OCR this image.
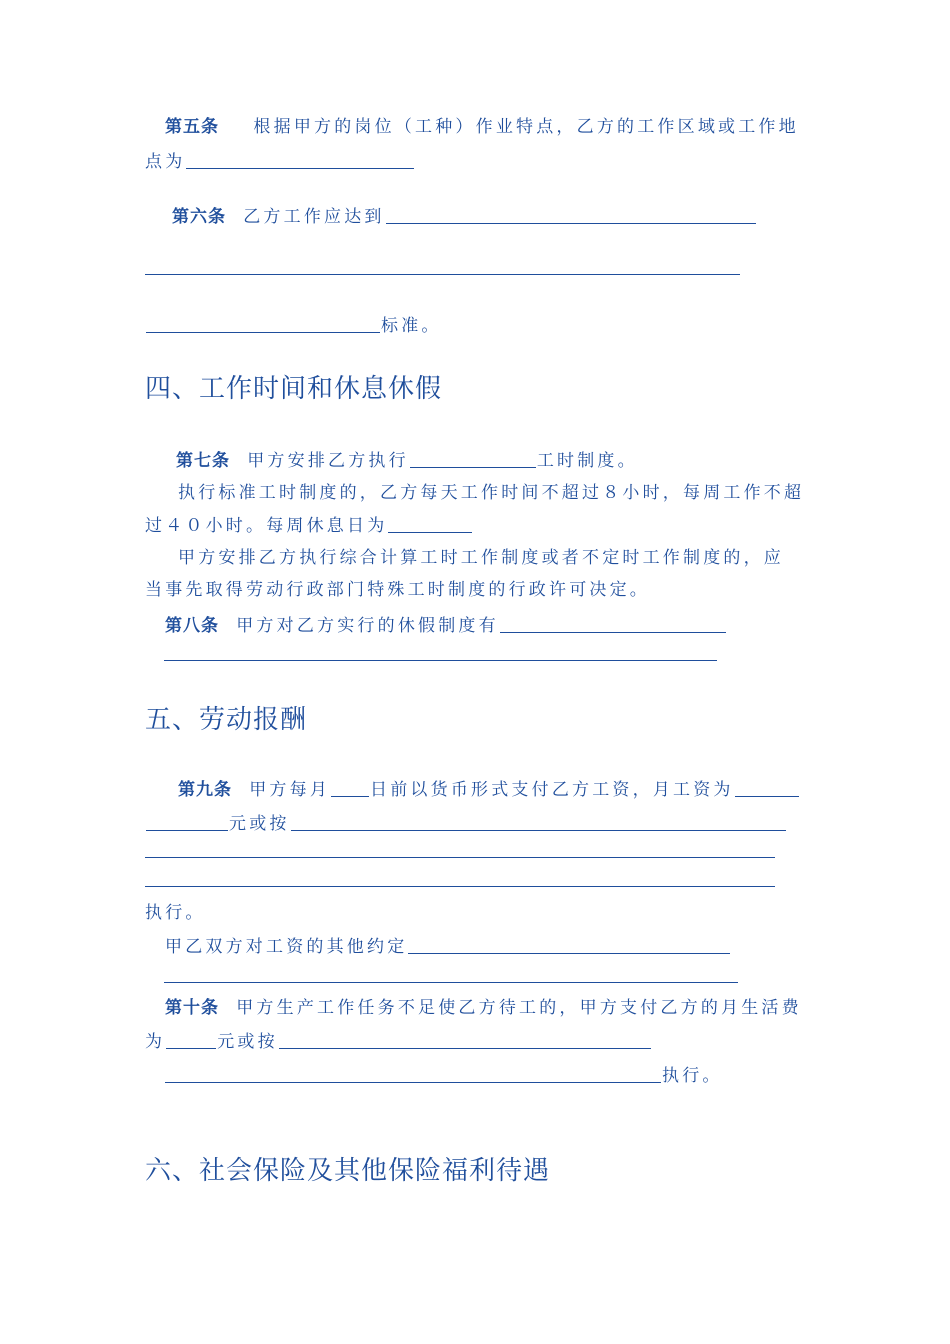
第五条 根据甲方的岗位（工种）作业特点，乙方的工作区域或工作地
点为
第六条 乙方工作应达到
标准。
四、工作时间和休息休假
第七条 甲方安排乙方执行	工时制度。
执行标准工时制度的，乙方每天工作时间不超过８小时，每周工作不超
过４０小时。每周休息日为
甲方安排乙方执行综合计算工时工作制度或者不定时工作制度的，应
当事先取得劳动行政部门特殊工时制度的行政许可决定。
第八条 甲方对乙方实行的休假制度有
五、劳动报酬
第九条 甲方每月 日前以货币形式支付乙方工资，月工资为
元或按
执行。
甲乙双方对工资的其他约定
第十条 甲方生产工作任务不足使乙方待工的，甲方支付乙方的月生活费
为	元或按
执行。
六、社会保险及其他保险福利待遇
